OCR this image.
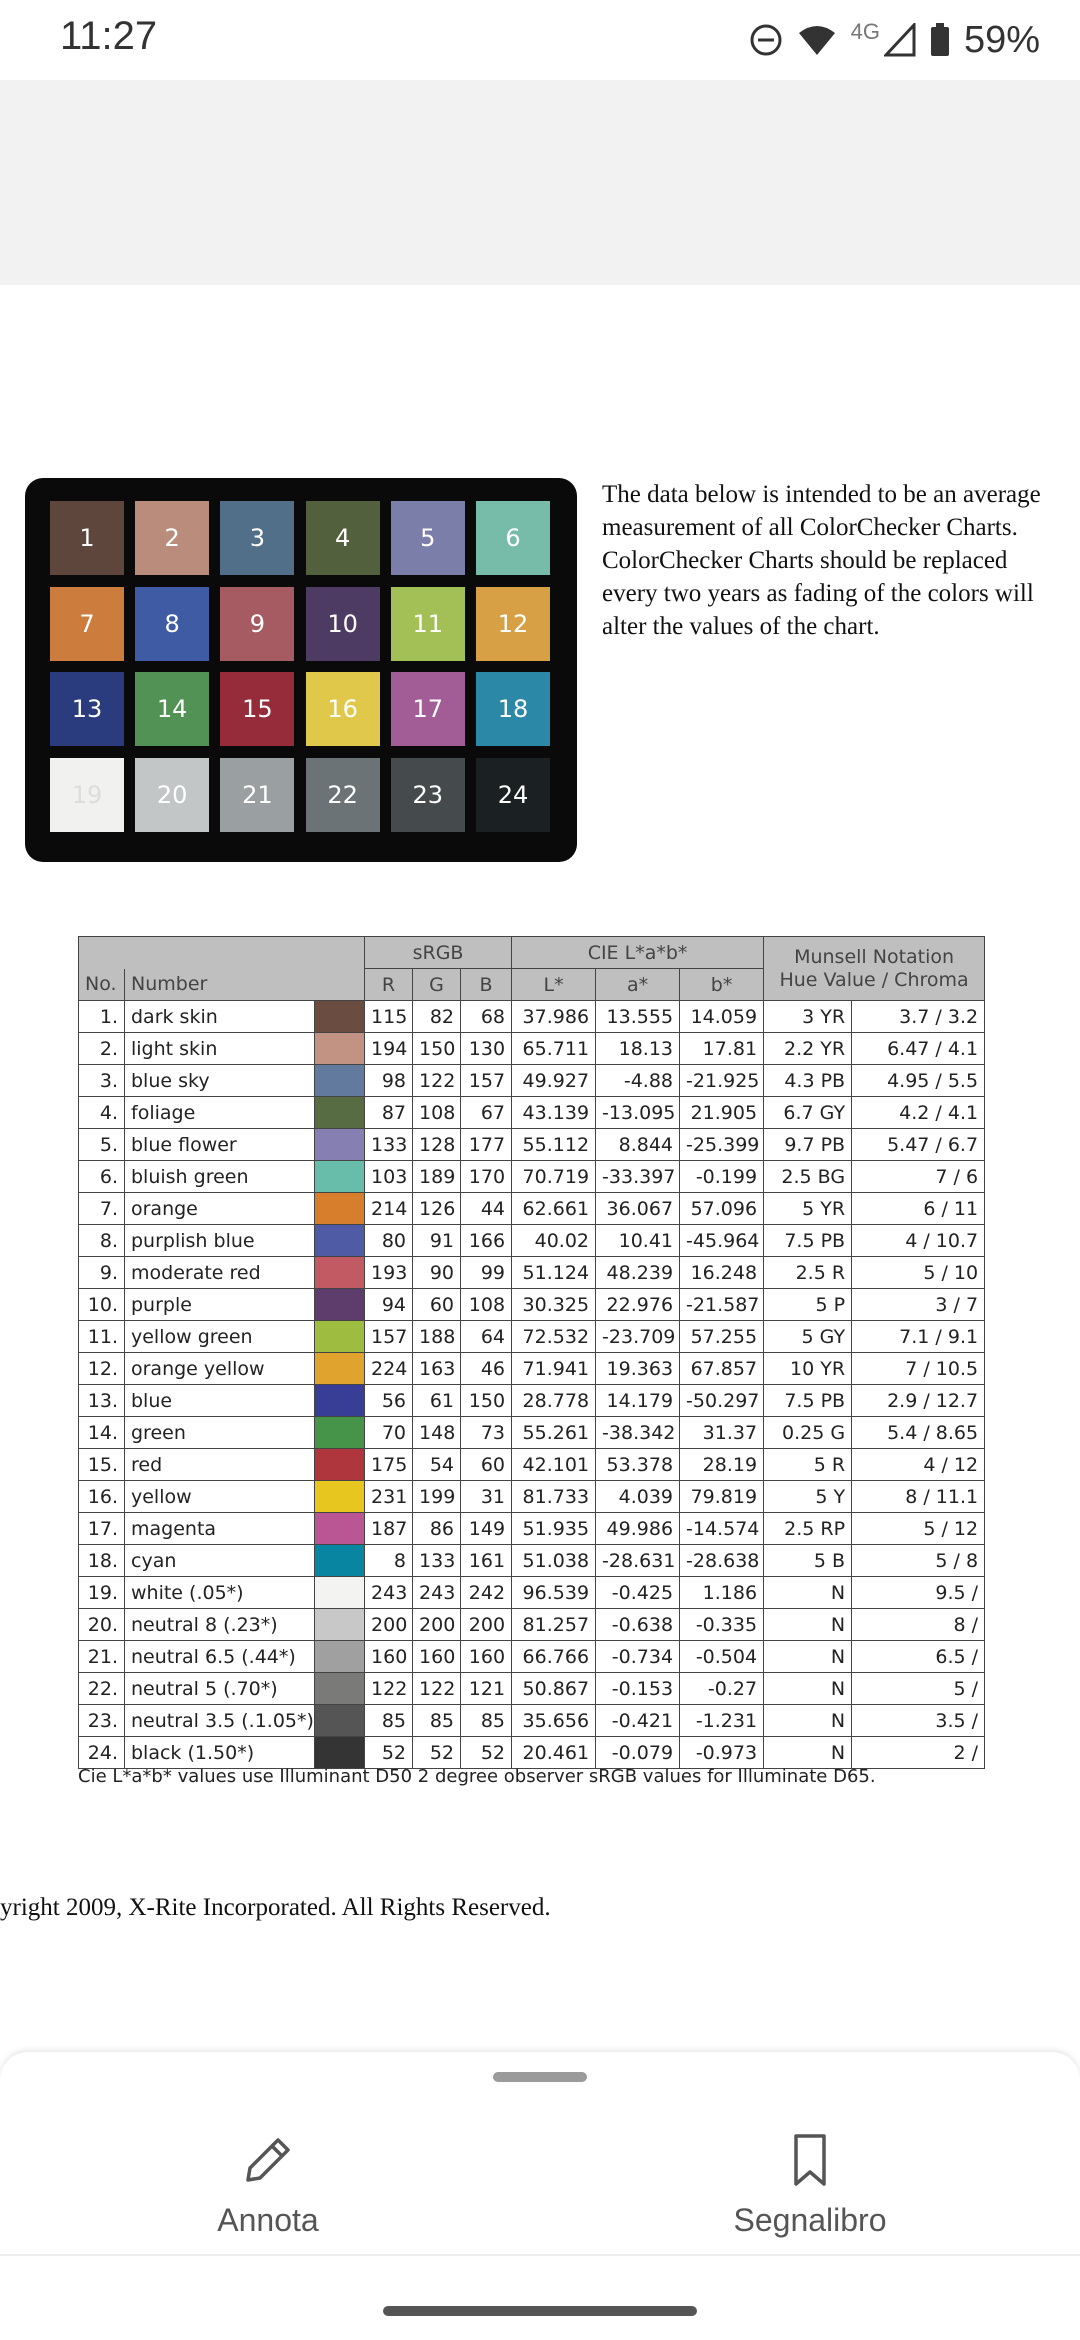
11:27	4G 59%
1	2	3	4	5	6
7	8	9	10 11 12
13 14 15 16 17 18
19 20 21 22 23 24

The data below is intended to be an average measurement of all ColorChecker Charts. ColorChecker Charts should be replaced every two years as fading of the colors will alter the values of the chart.

			sRGB			CIE L*a*b*			Munsell Notation
Hue Value / Chroma	
No.	Number		R	G	B	L*	a*	b*		
1.	dark skin		115	82	68	37.986	13.555	14.059	3 YR	3.7 / 3.2
2.	light skin		194	150	130	65.711	18.13	17.81	2.2 YR	6.47 / 4.1
3.	blue sky		98	122	157	49.927	-4.88	-21.925	4.3 PB	4.95 / 5.5
4.	foliage		87	108	67	43.139	-13.095	21.905	6.7 GY	4.2 / 4.1
5.	blue flower		133	128	177	55.112	8.844	-25.399	9.7 PB	5.47 / 6.7
6.	bluish green		103	189	170	70.719	-33.397	-0.199	2.5 BG	7 / 6
7.	orange		214	126	44	62.661	36.067	57.096	5 YR	6 / 11
8.	purplish blue		80	91	166	40.02	10.41	-45.964	7.5 PB	4 / 10.7
9.	moderate red		193	90	99	51.124	48.239	16.248	2.5 R	5 / 10
10.	purple		94	60	108	30.325	22.976	-21.587	5 P	3 / 7
11.	yellow green		157	188	64	72.532	-23.709	57.255	5 GY	7.1 / 9.1
12.	orange yellow		224	163	46	71.941	19.363	67.857	10 YR	7 / 10.5
13.	blue		56	61	150	28.778	14.179	-50.297	7.5 PB	2.9 / 12.7
14.	green		70	148	73	55.261	-38.342	31.37	0.25 G	5.4 / 8.65
15.	red		175	54	60	42.101	53.378	28.19	5 R	4 / 12
16.	yellow		231	199	31	81.733	4.039	79.819	5 Y	8 / 11.1
17.	magenta		187	86	149	51.935	49.986	-14.574	2.5 RP	5 / 12
18.	cyan		8	133	161	51.038	-28.631	-28.638	5 B	5 / 8
19.	white (.05*)		243	243	242	96.539	-0.425	1.186	N	9.5 /
20.	neutral 8 (.23*)		200	200	200	81.257	-0.638	-0.335	N	8 /
21.	neutral 6.5 (.44*)		160	160	160	66.766	-0.734	-0.504	N	6.5 /
22.	neutral 5 (.70*)		122	122	121	50.867	-0.153	-0.27	N	5 /
23.	neutral 3.5 (.1.05*)		85	85	85	35.656	-0.421	-1.231	N	3.5 /
24.	black (1.50*)		52	52	52	20.461	-0.079	-0.973	N	2 /
Cie L*a*b* values use Illuminant D50 2 degree observer sRGB values for Illuminate D65.
yright 2009, X-Rite Incorporated. All Rights Reserved.
Annota	Segnalibro
